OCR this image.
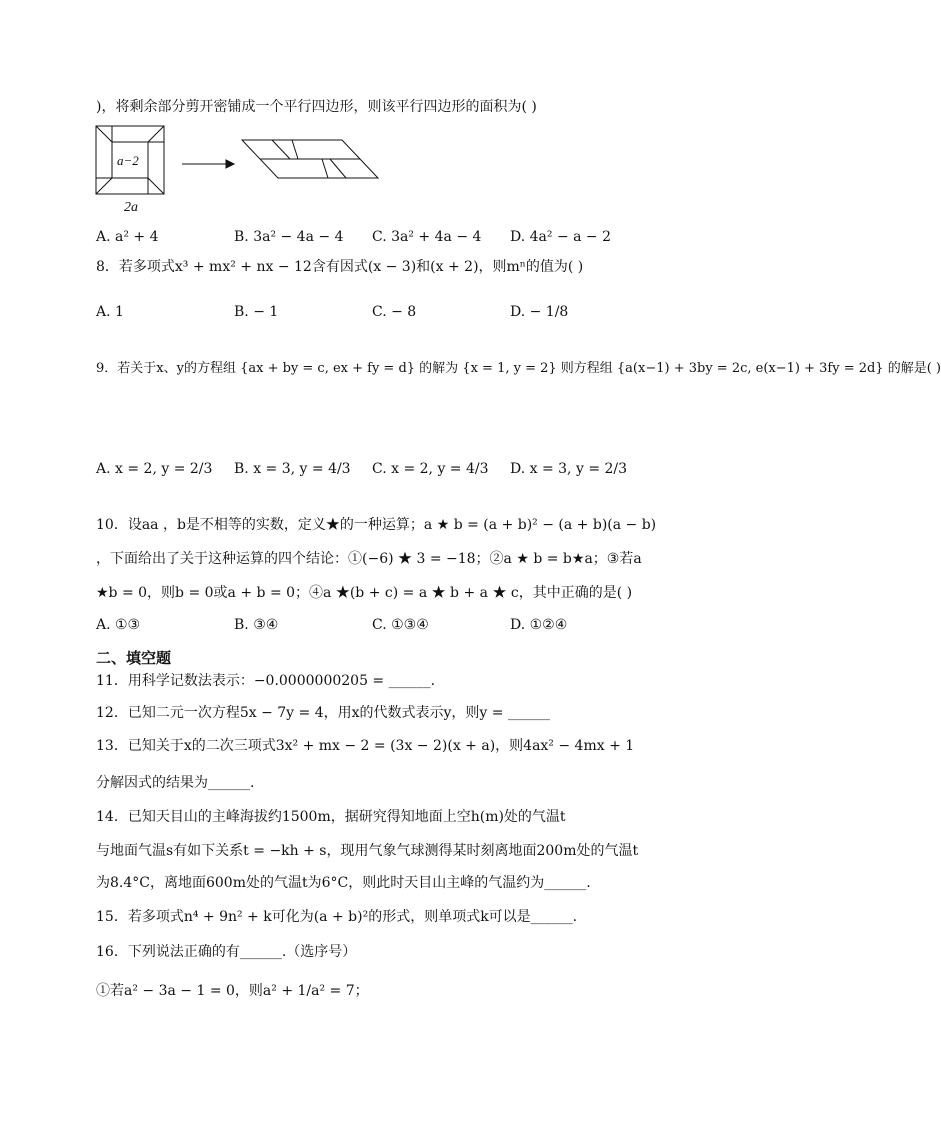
)，将剩余部分剪开密铺成一个平行四边形，则该平行四边形的面积为( )
a−2
2a
A. a² + 4	B. 3a² − 4a − 4 C. 3a² + 4a − 4 D. 4a² − a − 2
8．若多项式x³ + mx² + nx − 12含有因式(x − 3)和(x + 2)，则mⁿ的值为( )
A. 1	B. − 1	C. − 8	D. − 1/8
9．若关于x、y的方程组 {ax + by = c, ex + fy = d} 的解为 {x = 1, y = 2} 则方程组 {a(x−1) + 3by = 2c, e(x−1) + 3fy = 2d} 的解是( )
A. x = 2, y = 2/3 B. x = 3, y = 4/3 C. x = 2, y = 4/3 D. x = 3, y = 2/3
10．设aa ，b是不相等的实数，定义★的一种运算；a ★ b = (a + b)² − (a + b)(a − b)
，下面给出了关于这种运算的四个结论：①(−6) ★ 3 = −18；②a ★ b = b★a；③若a
★b = 0，则b = 0或a + b = 0；④a ★(b + c) = a ★ b + a ★ c，其中正确的是( )
A. ①③	B. ③④	C. ①③④	D. ①②④
二、填空题
11．用科学记数法表示：−0.0000000205 = ______.
12．已知二元一次方程5x − 7y = 4，用x的代数式表示y，则y = ______
13．已知关于x的二次三项式3x² + mx − 2 = (3x − 2)(x + a)，则4ax² − 4mx + 1
分解因式的结果为______.
14．已知天目山的主峰海拔约1500m，据研究得知地面上空h(m)处的气温t
与地面气温s有如下关系t = −kh + s，现用气象气球测得某时刻离地面200m处的气温t
为8.4°C，离地面600m处的气温t为6°C，则此时天目山主峰的气温约为______.
15．若多项式n⁴ + 9n² + k可化为(a + b)²的形式，则单项式k可以是______.
16．下列说法正确的有______.（选序号）
①若a² − 3a − 1 = 0，则a² + 1/a² = 7；
